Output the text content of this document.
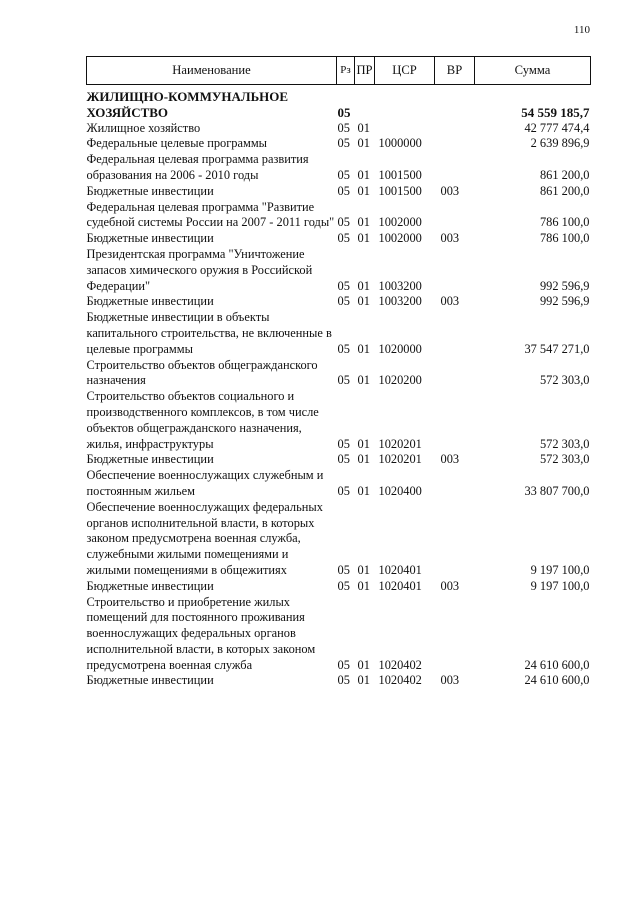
110
Наименование	Рз	ПР	ЦСР	ВР	Сумма
ЖИЛИЩНО-КОММУНАЛЬНОЕ ХОЗЯЙСТВО	05				54 559 185,7
Жилищное хозяйство	05	01			42 777 474,4
Федеральные целевые программы	05	01	1000000		2 639 896,9
Федеральная целевая программа развития образования на 2006 - 2010 годы	05	01	1001500		861 200,0
Бюджетные инвестиции	05	01	1001500	003	861 200,0
Федеральная целевая программа "Развитие судебной системы России на 2007 - 2011 годы"	05	01	1002000		786 100,0
Бюджетные инвестиции	05	01	1002000	003	786 100,0
Президентская программа "Уничтожение запасов химического оружия в Российской Федерации"	05	01	1003200		992 596,9
Бюджетные инвестиции	05	01	1003200	003	992 596,9
Бюджетные инвестиции в объекты капитального строительства, не включенные в целевые программы	05	01	1020000		37 547 271,0
Строительство объектов общегражданского назначения	05	01	1020200		572 303,0
Строительство объектов социального и производственного комплексов, в том числе объектов общегражданского назначения, жилья, инфраструктуры	05	01	1020201		572 303,0
Бюджетные инвестиции	05	01	1020201	003	572 303,0
Обеспечение военнослужащих служебным и постоянным жильем	05	01	1020400		33 807 700,0
Обеспечение военнослужащих федеральных органов исполнительной власти, в которых законом предусмотрена военная служба, служебными жилыми помещениями и жилыми помещениями в общежитиях	05	01	1020401		9 197 100,0
Бюджетные инвестиции	05	01	1020401	003	9 197 100,0
Строительство и приобретение жилых помещений для постоянного проживания военнослужащих федеральных органов исполнительной власти, в которых законом предусмотрена военная служба	05	01	1020402		24 610 600,0
Бюджетные инвестиции	05	01	1020402	003	24 610 600,0
